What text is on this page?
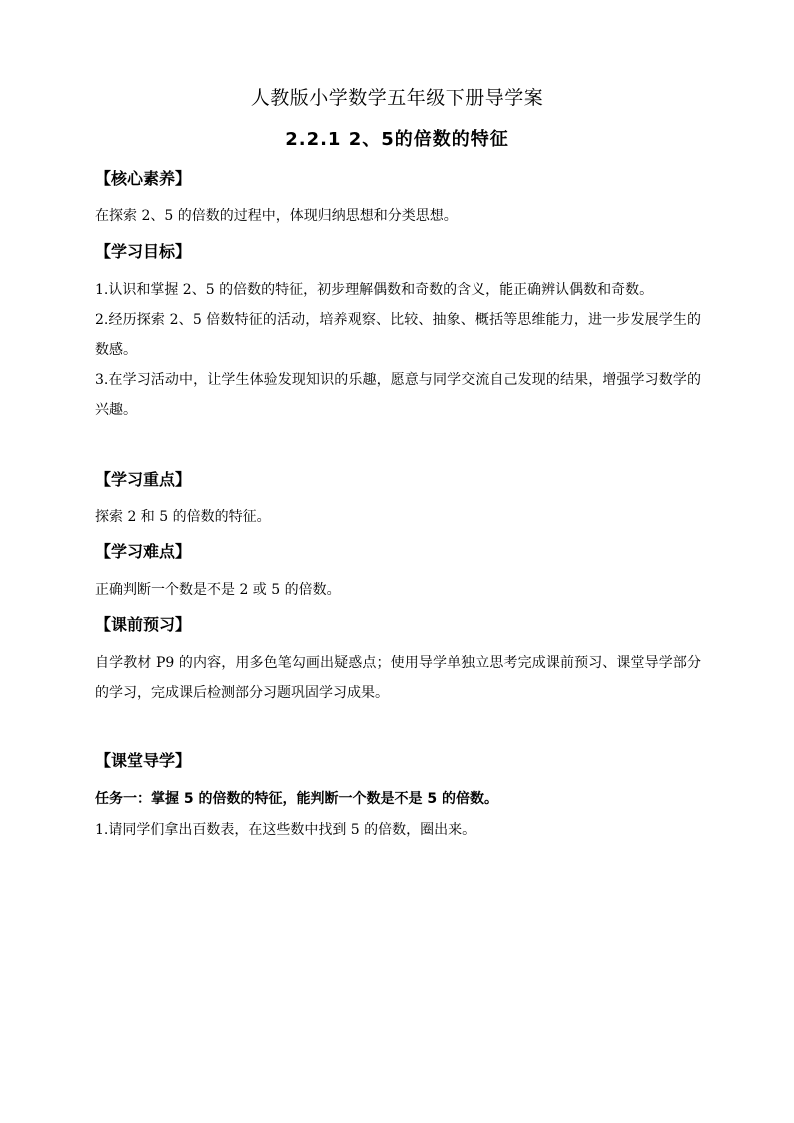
人教版小学数学五年级下册导学案
2.2.1 2、5的倍数的特征
【核心素养】

在探索 2、5 的倍数的过程中，体现归纳思想和分类思想。

【学习目标】

1.认识和掌握 2、5 的倍数的特征，初步理解偶数和奇数的含义，能正确辨认偶数和奇数。

2.经历探索 2、5 倍数特征的活动，培养观察、比较、抽象、概括等思维能力，进一步发展学生的数感。

3.在学习活动中，让学生体验发现知识的乐趣，愿意与同学交流自己发现的结果，增强学习数学的兴趣。

【学习重点】

探索 2 和 5 的倍数的特征。

【学习难点】

正确判断一个数是不是 2 或 5 的倍数。

【课前预习】

自学教材 P9 的内容，用多色笔勾画出疑惑点；使用导学单独立思考完成课前预习、课堂导学部分的学习，完成课后检测部分习题巩固学习成果。

【课堂导学】
任务一：掌握 5 的倍数的特征，能判断一个数是不是 5 的倍数。

1.请同学们拿出百数表，在这些数中找到 5 的倍数，圈出来。
